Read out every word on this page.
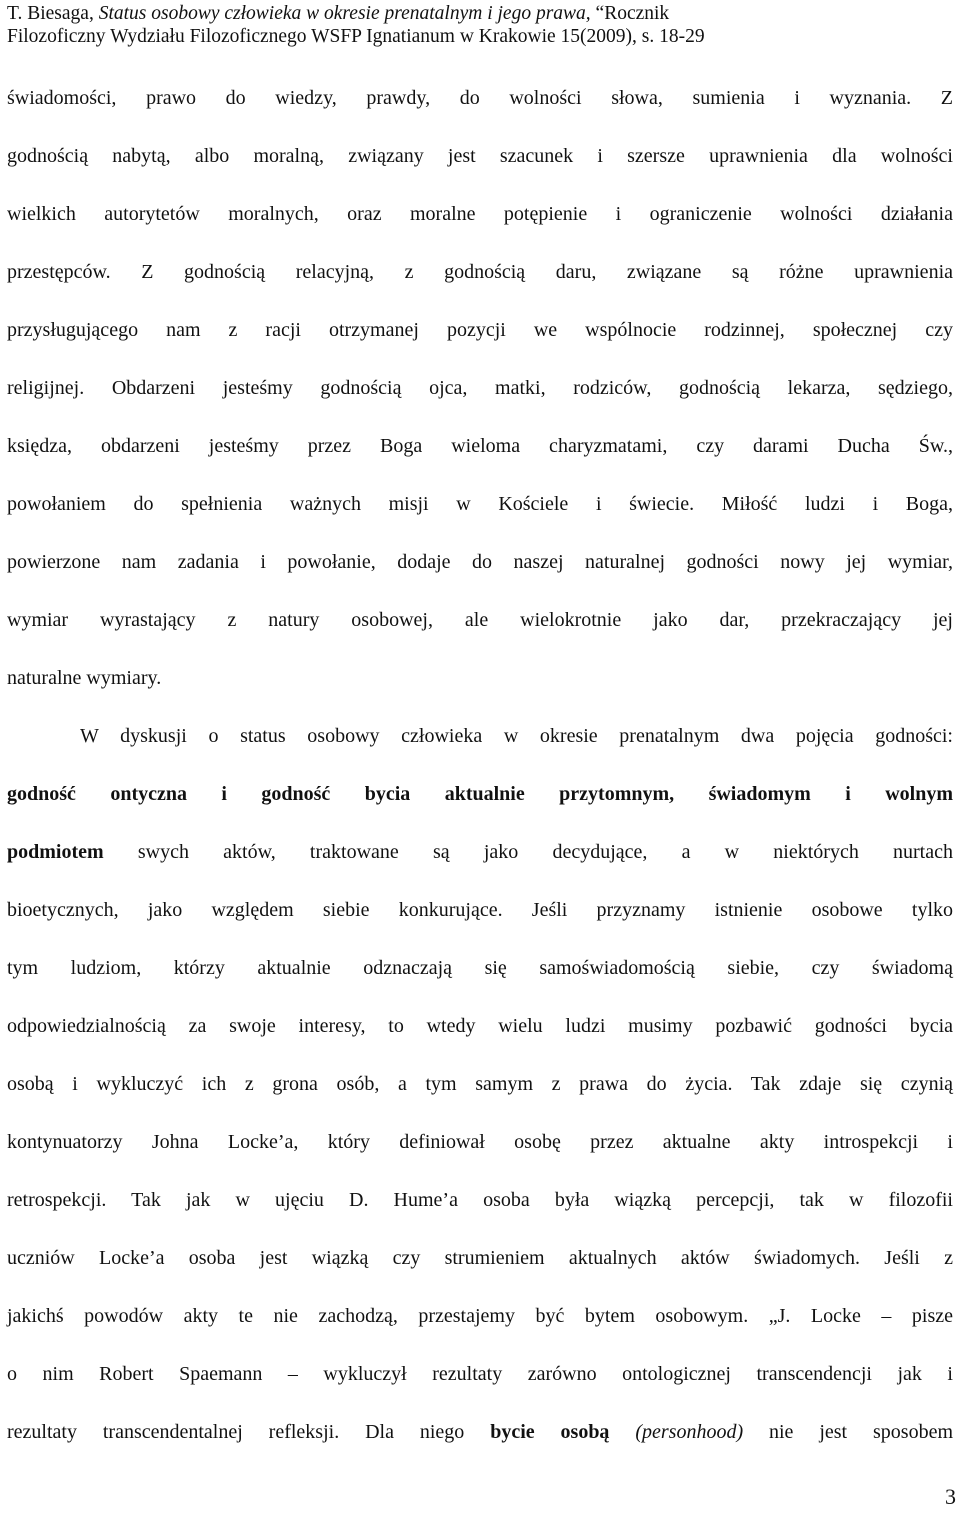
T. Biesaga, Status osobowy człowieka w okresie prenatalnym i jego prawa, “Rocznik
Filozoficzny Wydziału Filozoficznego WSFP Ignatianum w Krakowie 15(2009), s. 18-29
świadomości, prawo do wiedzy, prawdy, do wolności słowa, sumienia i wyznania. Z
godnością nabytą, albo moralną, związany jest szacunek i szersze uprawnienia dla wolności
wielkich autorytetów moralnych, oraz moralne potępienie i ograniczenie wolności działania
przestępców. Z godnością relacyjną, z godnością daru, związane są różne uprawnienia
przysługującego nam z racji otrzymanej pozycji we wspólnocie rodzinnej, społecznej czy
religijnej. Obdarzeni jesteśmy godnością ojca, matki, rodziców, godnością lekarza, sędziego,
księdza, obdarzeni jesteśmy przez Boga wieloma charyzmatami, czy darami Ducha Św.,
powołaniem do spełnienia ważnych misji w Kościele i świecie. Miłość ludzi i Boga,
powierzone nam zadania i powołanie, dodaje do naszej naturalnej godności nowy jej wymiar,
wymiar wyrastający z natury osobowej, ale wielokrotnie jako dar, przekraczający jej
naturalne wymiary.
W dyskusji o status osobowy człowieka w okresie prenatalnym dwa pojęcia godności:
godność ontyczna i godność bycia aktualnie przytomnym, świadomym i wolnym
podmiotem swych aktów, traktowane są jako decydujące, a w niektórych nurtach
bioetycznych, jako względem siebie konkurujące. Jeśli przyznamy istnienie osobowe tylko
tym ludziom, którzy aktualnie odznaczają się samoświadomością siebie, czy świadomą
odpowiedzialnością za swoje interesy, to wtedy wielu ludzi musimy pozbawić godności bycia
osobą i wykluczyć ich z grona osób, a tym samym z prawa do życia. Tak zdaje się czynią
kontynuatorzy Johna Locke’a, który definiował osobę przez aktualne akty introspekcji i
retrospekcji. Tak jak w ujęciu D. Hume’a osoba była wiązką percepcji, tak w filozofii
uczniów Locke’a osoba jest wiązką czy strumieniem aktualnych aktów świadomych. Jeśli z
jakichś powodów akty te nie zachodzą, przestajemy być bytem osobowym. „J. Locke – pisze
o nim Robert Spaemann – wykluczył rezultaty zarówno ontologicznej transcendencji jak i
rezultaty transcendentalnej refleksji. Dla niego bycie osobą (personhood) nie jest sposobem
3
